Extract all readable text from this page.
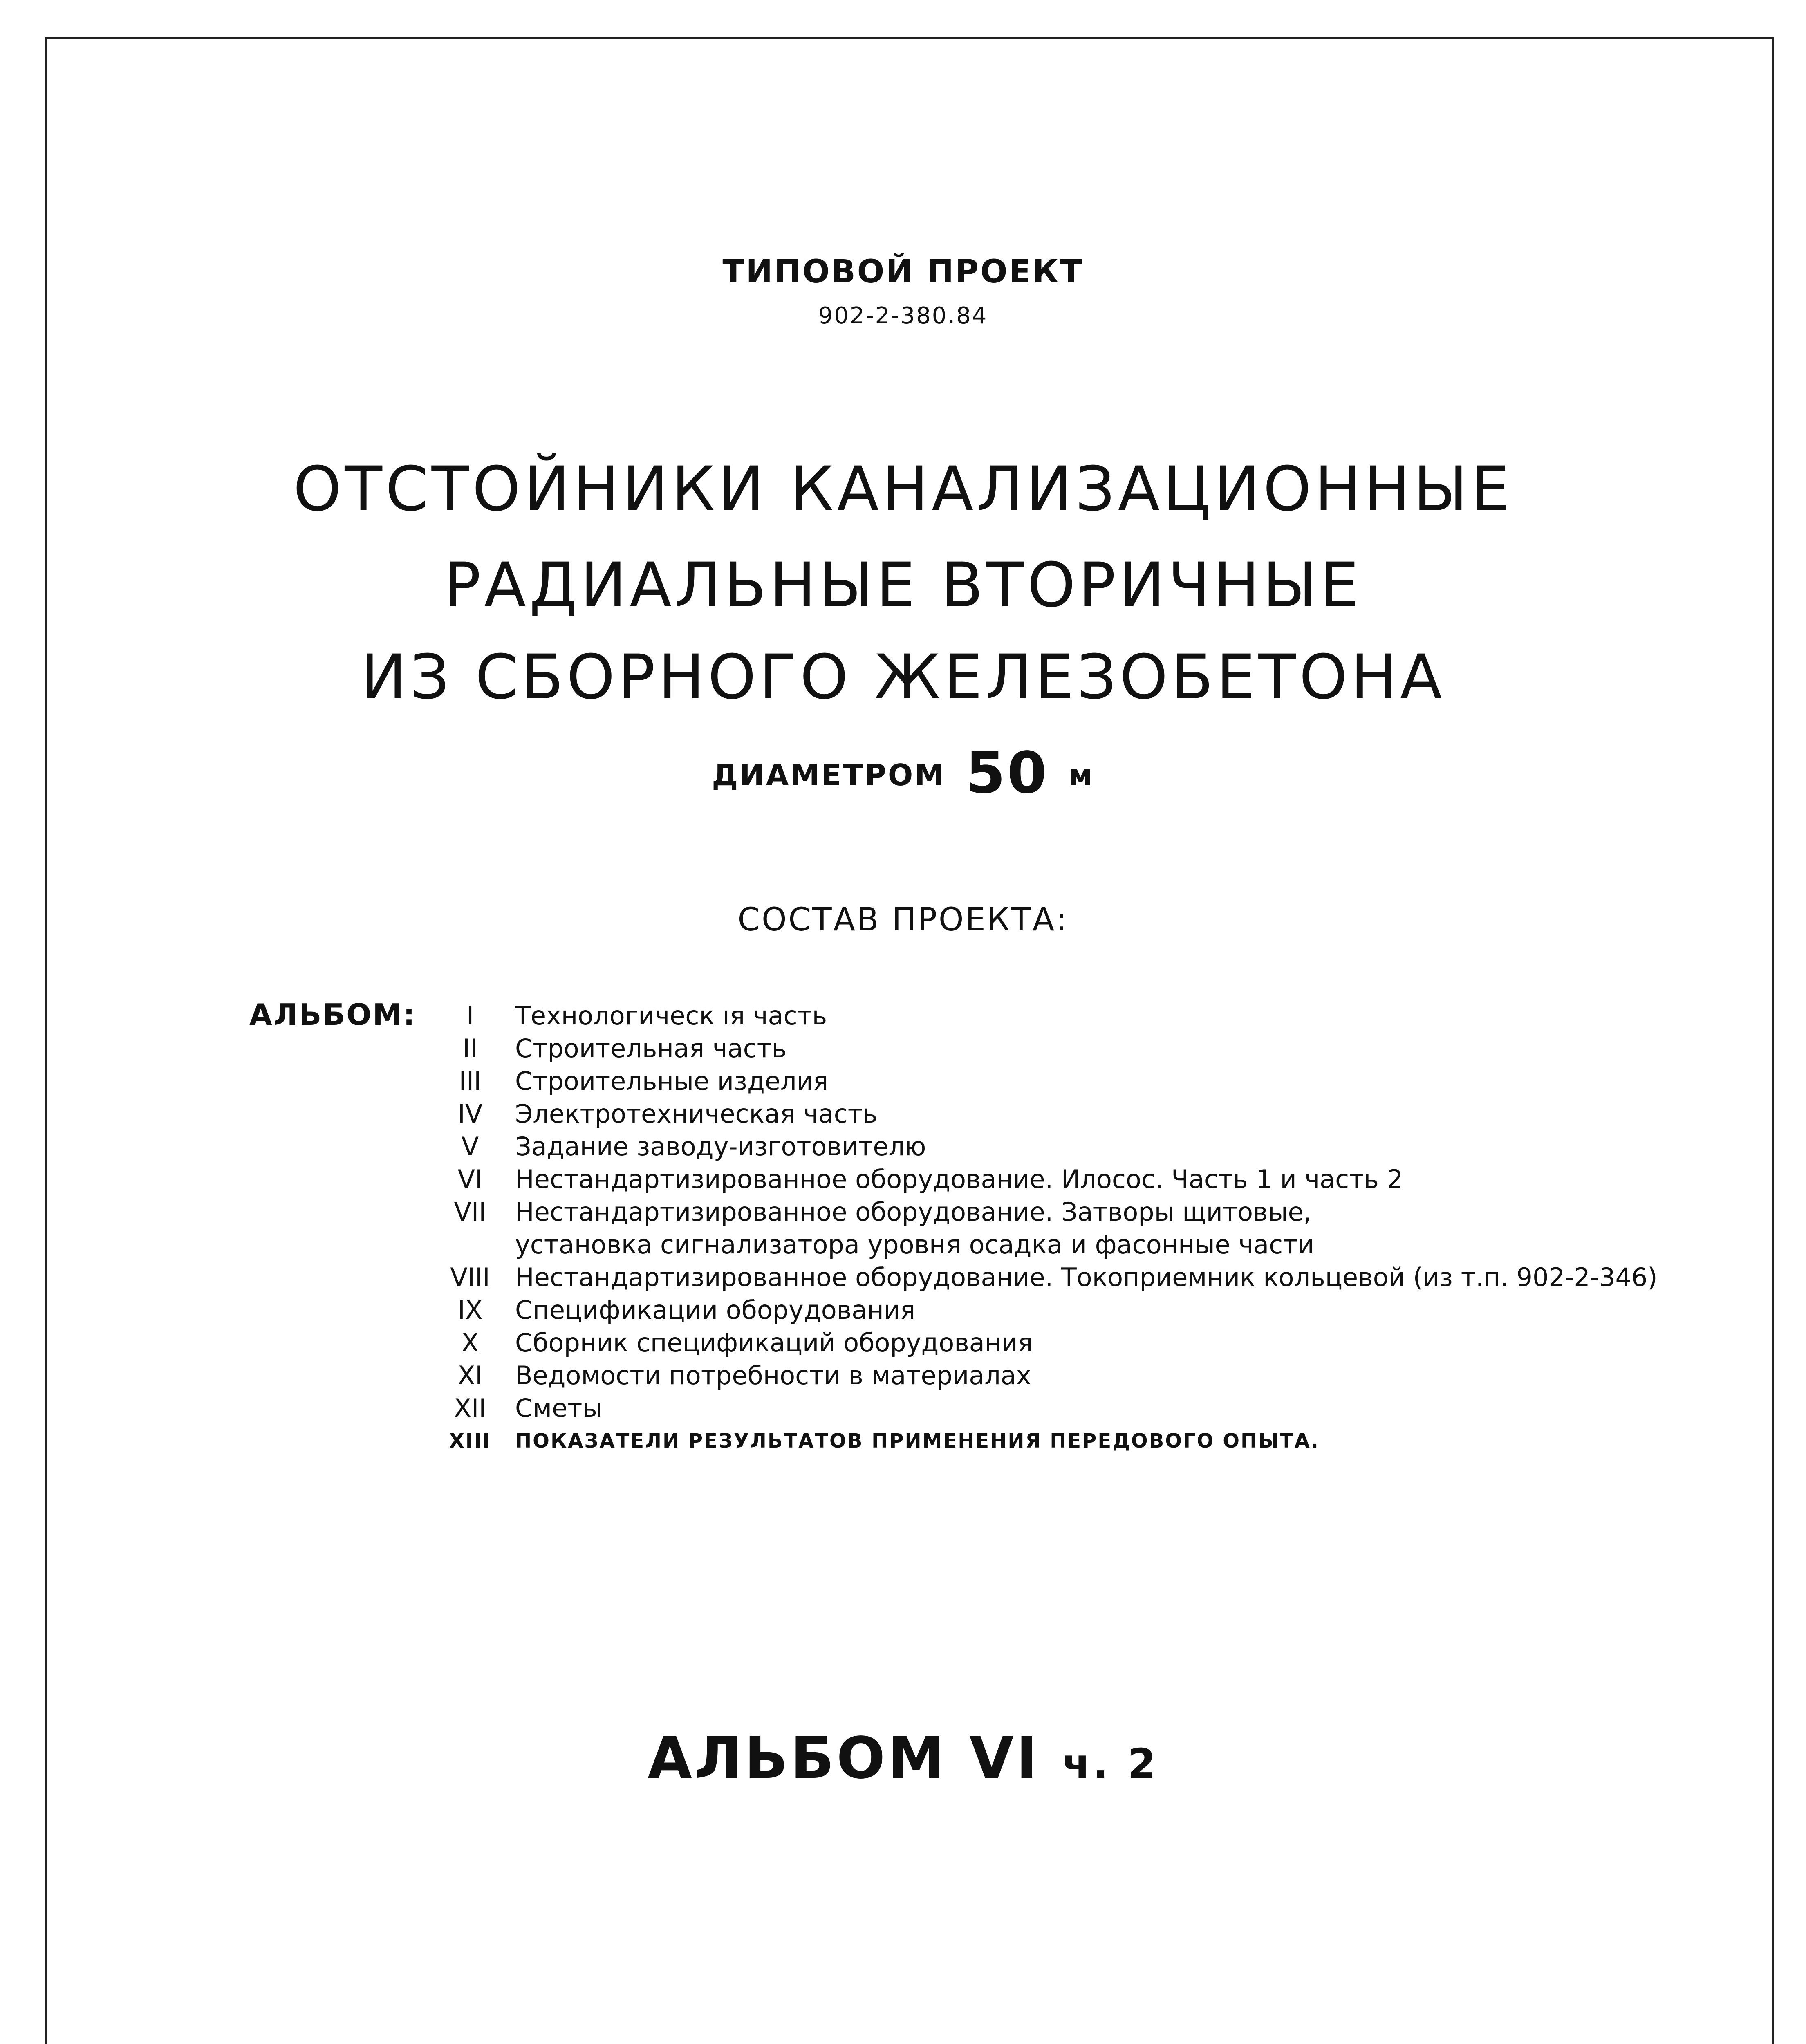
ТИПОВОЙ ПРОЕКТ
902-2-380.84
ОТСТОЙНИКИ КАНАЛИЗАЦИОННЫЕ
РАДИАЛЬНЫЕ ВТОРИЧНЫЕ
ИЗ СБОРНОГО ЖЕЛЕЗОБЕТОНА
ДИАМЕТРОМ 50 м
СОСТАВ ПРОЕКТА:
АЛЬБОМ:	I	Технологическ ıя часть
II	Строительная часть
III	Строительные изделия
IV	Электротехническая часть
V	Задание заводу-изготовителю
VI	Нестандартизированное оборудование. Илосос. Часть 1 и часть 2
VII	Нестандартизированное оборудование. Затворы щитовые,
установка сигнализатора уровня осадка и фасонные части
VIII Нестандартизированное оборудование. Токоприемник кольцевой (из т.п. 902-2-346)
IX	Спецификации оборудования
X	Сборник спецификаций оборудования
XI	Ведомости потребности в материалах
XII	Сметы
XIII	ПОКАЗАТЕЛИ РЕЗУЛЬТАТОВ ПРИМЕНЕНИЯ ПЕРЕДОВОГО ОПЫТА.
АЛЬБОМ VI ч. 2
